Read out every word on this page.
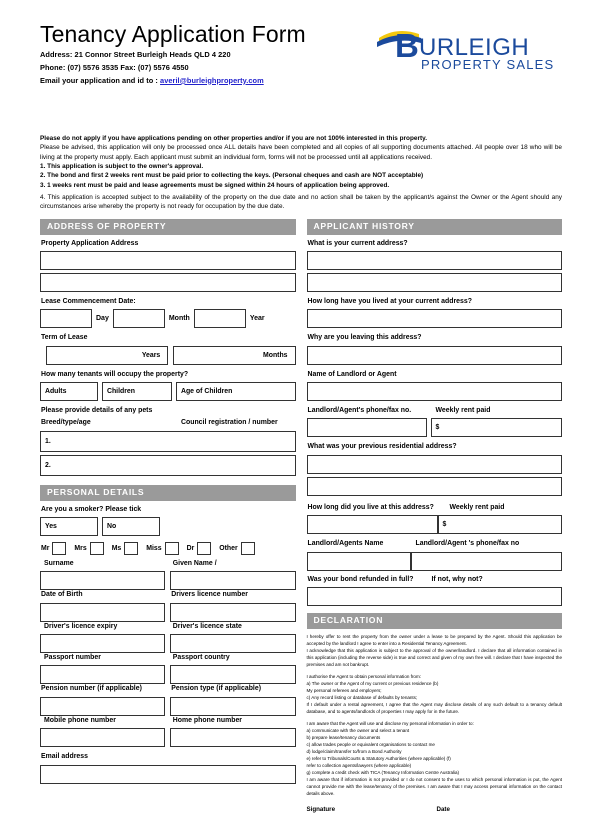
Tenancy Application Form
Address: 21 Connor Street Burleigh Heads QLD 4 220
Phone: (07) 5576 3535 Fax: (07) 5576 4550
Email your application and id to : averil@burleighproperty.com
B URLEIGH
PROPERTY SALES

Please do not apply if you have applications pending on other properties and/or if you are not 100% interested in this property.

Please be advised, this application will only be processed once ALL details have been completed and all copies of all supporting documents attached. All people over 18 who will be living at the property must apply. Each applicant must submit an individual form, forms will not be processed until all applications received.

1. This application is subject to the owner's approval.

2. The bond and first 2 weeks rent must be paid prior to collecting the keys. (Personal cheques and cash are NOT acceptable)

3. 1 weeks rent must be paid and lease agreements must be signed within 24 hours of application being approved.

4. This application is accepted subject to the availability of the property on the due date and no action shall be taken by the applicant/s against the Owner or the Agent should any circumstances arise whereby the property is not ready for occupation by the due date.

ADDRESS OF PROPERTY
Property Application Address
Lease Commencement Date:
Day	Month	Year
Term of Lease
Years	Months
How many tenants will occupy the property?
Adults	Children	Age of Children
Please provide details of any pets
Breed/type/age	Council registration / number
1.
2.
PERSONAL DETAILS
Are you a smoker? Please tick
Yes	No
Mr	Mrs	Ms	Miss	Dr	Other
Surname	Given Name /
Date of Birth	Drivers licence number
Driver's licence expiry	Driver's licence state
Passport number	Passport country
Pension number (if applicable)	Pension type (if applicable)
Mobile phone number	Home phone number
Email address
APPLICANT HISTORY
What is your current address?
How long have you lived at your current address?
Why are you leaving this address?
Name of Landlord or Agent
Landlord/Agent's phone/fax no.	Weekly rent paid
$
What was your previous residential address?
How long did you live at this address?	Weekly rent paid
$
Landlord/Agents Name	Landlord/Agent 's phone/fax no
Was your bond refunded in full?	If not, why not?
DECLARATION

I hereby offer to rent the property from the owner under a lease to be prepared by the Agent. Should this application be accepted by the landlord I agree to enter into a Residential Tenancy Agreement.

I acknowledge that this application is subject to the approval of the owner/landlord. I declare that all information contained in this application (including the reverse side) is true and correct and given of my own free will. I declare that I have inspected the premises and am not bankrupt.

I authorise the Agent to obtain personal information from:

a) The owner or the Agent of my current or previous residence (b)

My personal referees and employers;

c) Any record listing or database of defaults by tenants;

If I default under a rental agreement, I agree that the Agent may disclose details of any such default to a tenancy default database, and to agents/landlords of properties I may apply for in the future.

I am aware that the Agent will use and disclose my personal information in order to:

a) communicate with the owner and select a tenant

b) prepare lease/tenancy documents

c) allow trades people or equivalent organisations to contact me

d) lodge/claim/transfer to/from a Bond Authority

e) refer to Tribunals/Courts & Statutory Authorities (where applicable) (f)

refer to collection agents/lawyers (where applicable)

g) complete a credit check with TICA (Tenancy Information Centre Australia)

I am aware that if information is not provided or I do not consent to the uses to which personal information is put, the Agent cannot provide me with the lease/tenancy of the premises. I am aware that I may access personal information on the contact details above.

Signature	Date
